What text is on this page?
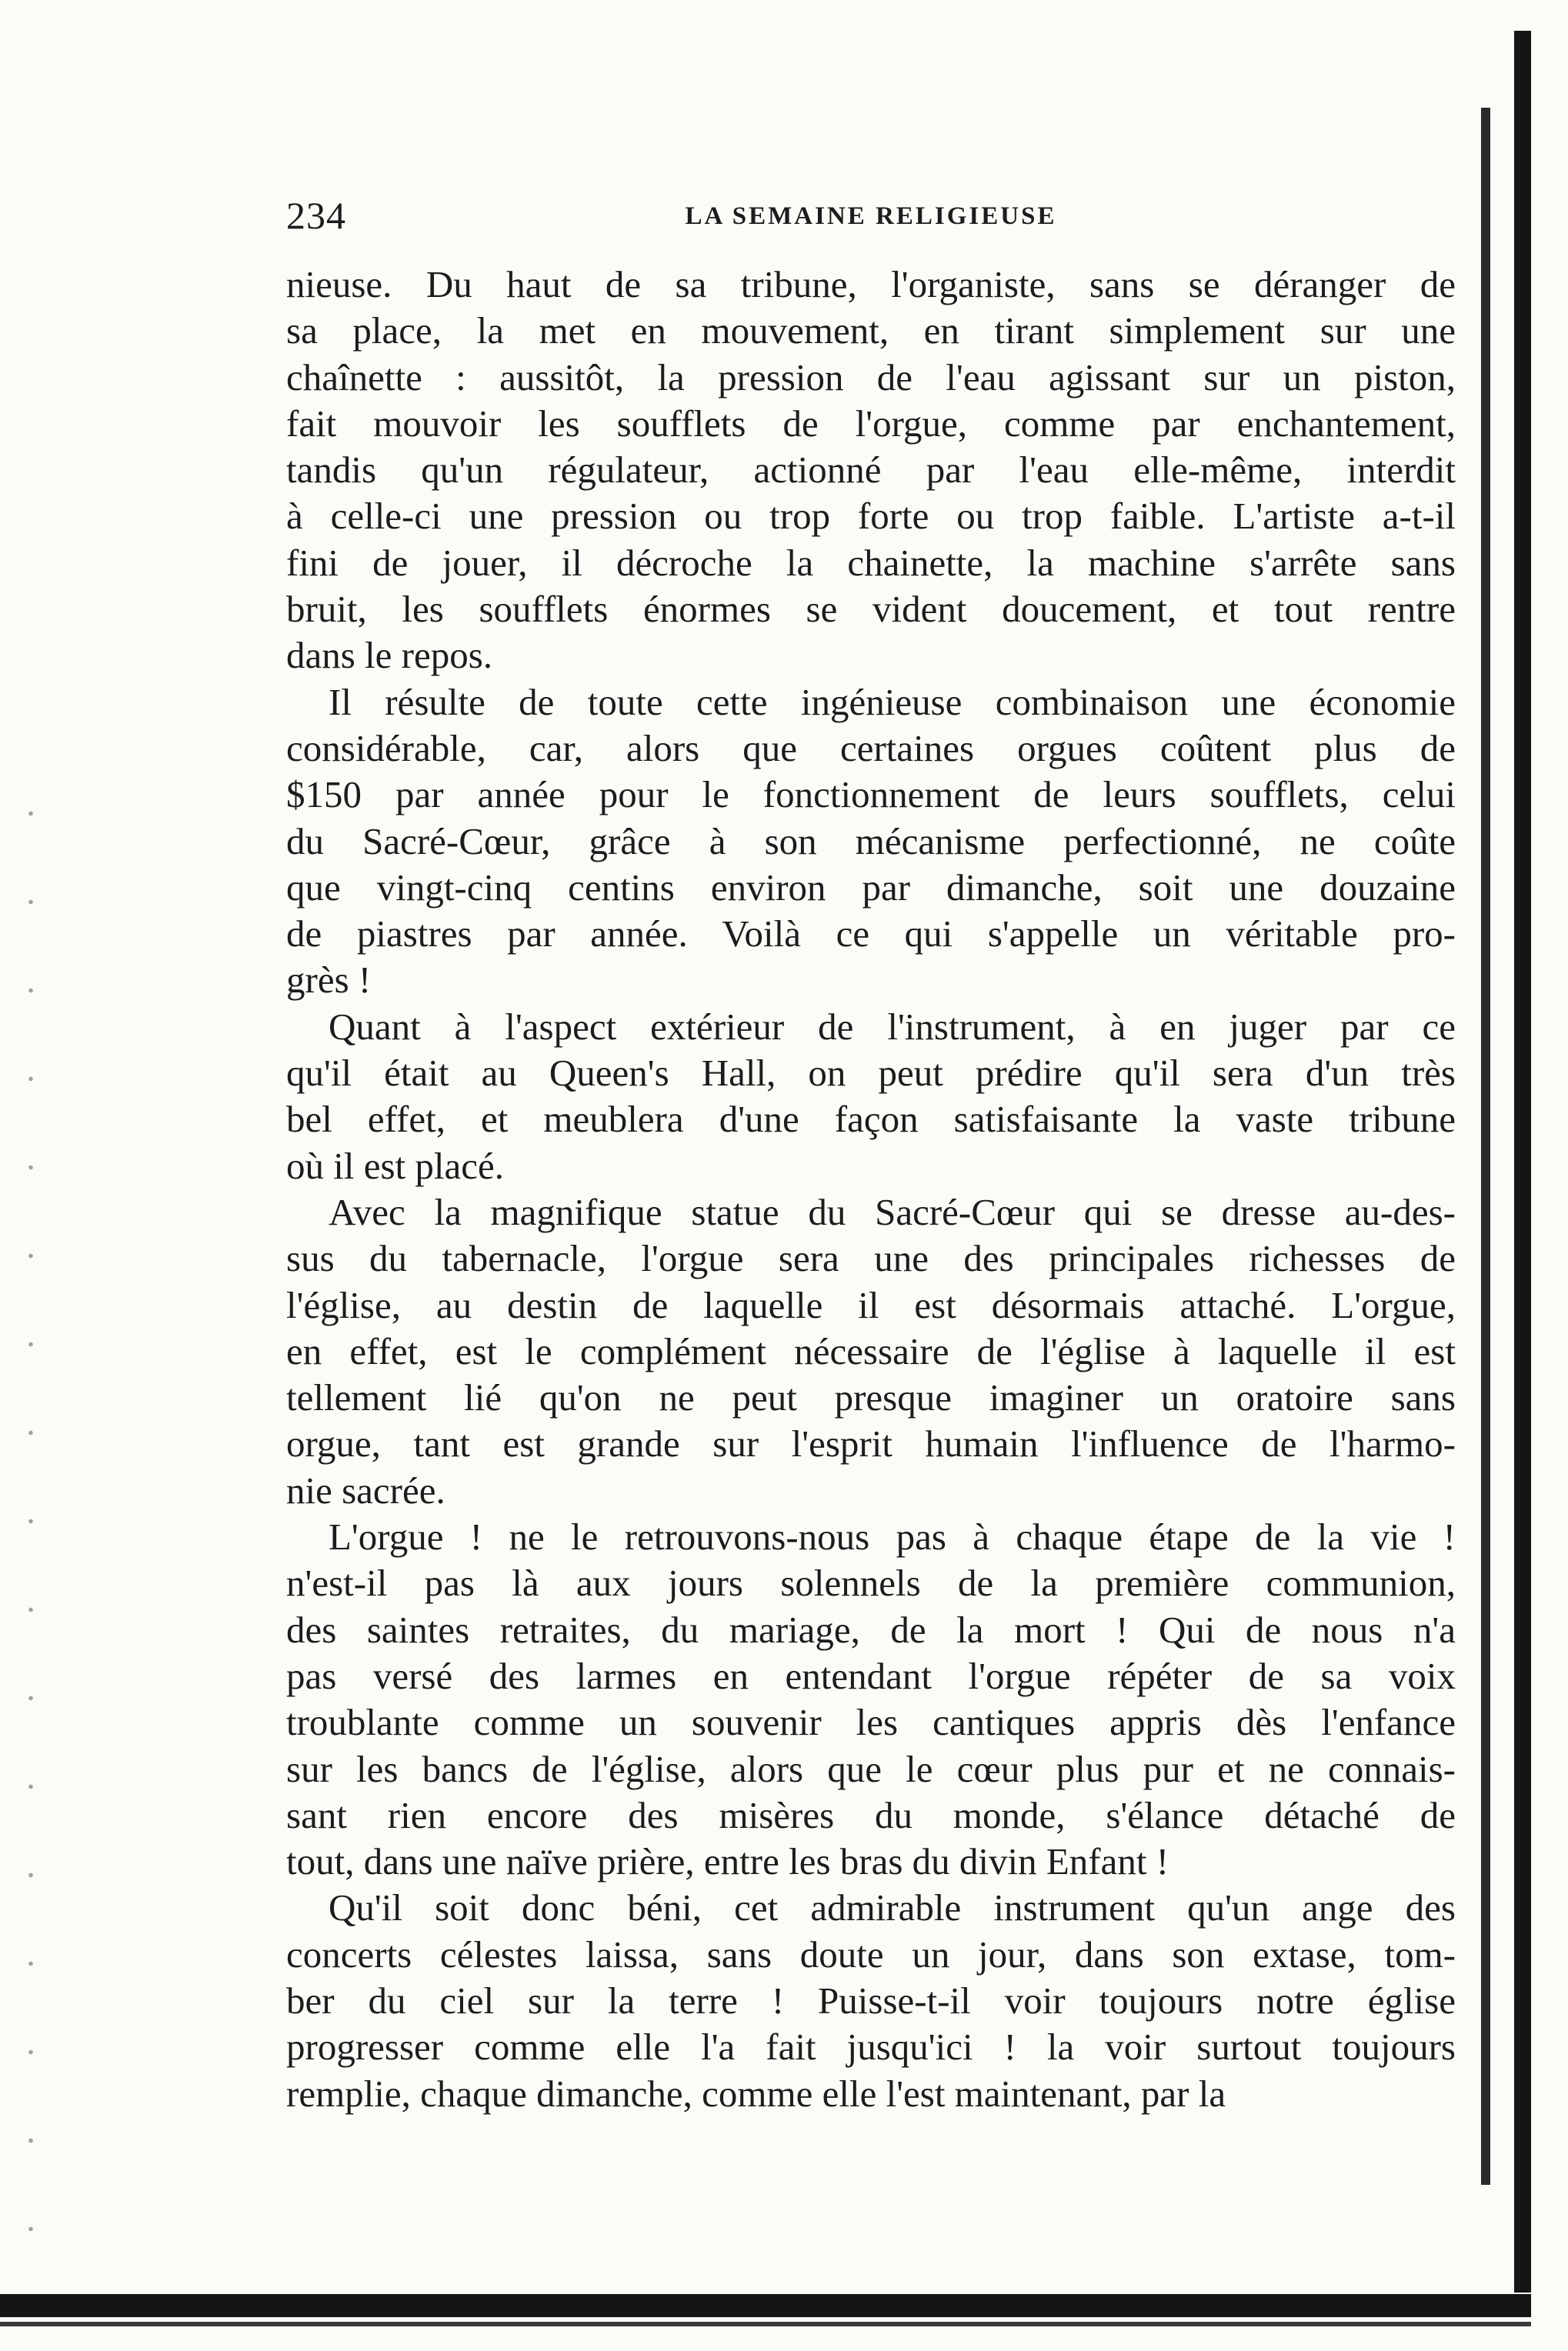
234	LA SEMAINE RELIGIEUSE
nieuse. Du haut de sa tribune, l'organiste, sans se déranger de
sa place, la met en mouvement, en tirant simplement sur une
chaînette : aussitôt, la pression de l'eau agissant sur un piston,
fait mouvoir les soufflets de l'orgue, comme par enchantement,
tandis qu'un régulateur, actionné par l'eau elle-même, interdit
à celle-ci une pression ou trop forte ou trop faible. L'artiste a-t-il
fini de jouer, il décroche la chainette, la machine s'arrête sans
bruit, les soufflets énormes se vident doucement, et tout rentre
dans le repos.
Il résulte de toute cette ingénieuse combinaison une économie
considérable, car, alors que certaines orgues coûtent plus de
$150 par année pour le fonctionnement de leurs soufflets, celui
du Sacré-Cœur, grâce à son mécanisme perfectionné, ne coûte
que vingt-cinq centins environ par dimanche, soit une douzaine
de piastres par année. Voilà ce qui s'appelle un véritable pro-
grès !
Quant à l'aspect extérieur de l'instrument, à en juger par ce
qu'il était au Queen's Hall, on peut prédire qu'il sera d'un très
bel effet, et meublera d'une façon satisfaisante la vaste tribune
où il est placé.
Avec la magnifique statue du Sacré-Cœur qui se dresse au-des-
sus du tabernacle, l'orgue sera une des principales richesses de
l'église, au destin de laquelle il est désormais attaché. L'orgue,
en effet, est le complément nécessaire de l'église à laquelle il est
tellement lié qu'on ne peut presque imaginer un oratoire sans
orgue, tant est grande sur l'esprit humain l'influence de l'harmo-
nie sacrée.
L'orgue ! ne le retrouvons-nous pas à chaque étape de la vie !
n'est-il pas là aux jours solennels de la première communion,
des saintes retraites, du mariage, de la mort ! Qui de nous n'a
pas versé des larmes en entendant l'orgue répéter de sa voix
troublante comme un souvenir les cantiques appris dès l'enfance
sur les bancs de l'église, alors que le cœur plus pur et ne connais-
sant rien encore des misères du monde, s'élance détaché de
tout, dans une naïve prière, entre les bras du divin Enfant !
Qu'il soit donc béni, cet admirable instrument qu'un ange des
concerts célestes laissa, sans doute un jour, dans son extase, tom-
ber du ciel sur la terre ! Puisse-t-il voir toujours notre église
progresser comme elle l'a fait jusqu'ici ! la voir surtout toujours
remplie, chaque dimanche, comme elle l'est maintenant, par la
